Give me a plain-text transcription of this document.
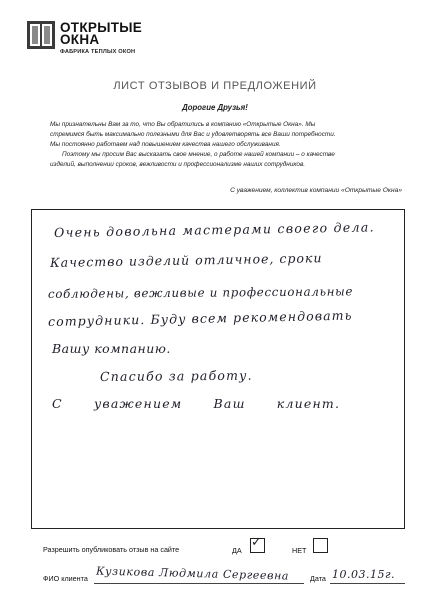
ОТКРЫТЫЕ
ОКНА
ФАБРИКА ТЕПЛЫХ ОКОН
ЛИСТ ОТЗЫВОВ И ПРЕДЛОЖЕНИЙ
Дорогие Друзья!

Мы признательны Вам за то, что Вы обратились в компанию «Открытые Окна». Мы

стремимся быть максимально полезными для Вас и удовлетворять все Ваши потребности.

Мы постоянно работаем над повышением качества нашего обслуживания.

Поэтому мы просим Вас высказать свое мнение, о работе нашей компании – о качестве

изделий, выполнении сроков, вежливости и профессионализме наших сотрудников.

С уважением, коллектив компании «Открытые Окна»
Очень довольна мастерами своего дела.
Качество изделий отличное, сроки
соблюдены, вежливые и профессиональные
сотрудники. Буду всем рекомендовать
Вашу компанию.
Спасибо за работу.
С уважением Ваш клиент.
Разрешить опубликовать отзыв на сайте	ДА
✓
НЕТ
ФИО клиента Кузикова Людмила Сергеевна	Дата 10.03.15г.
